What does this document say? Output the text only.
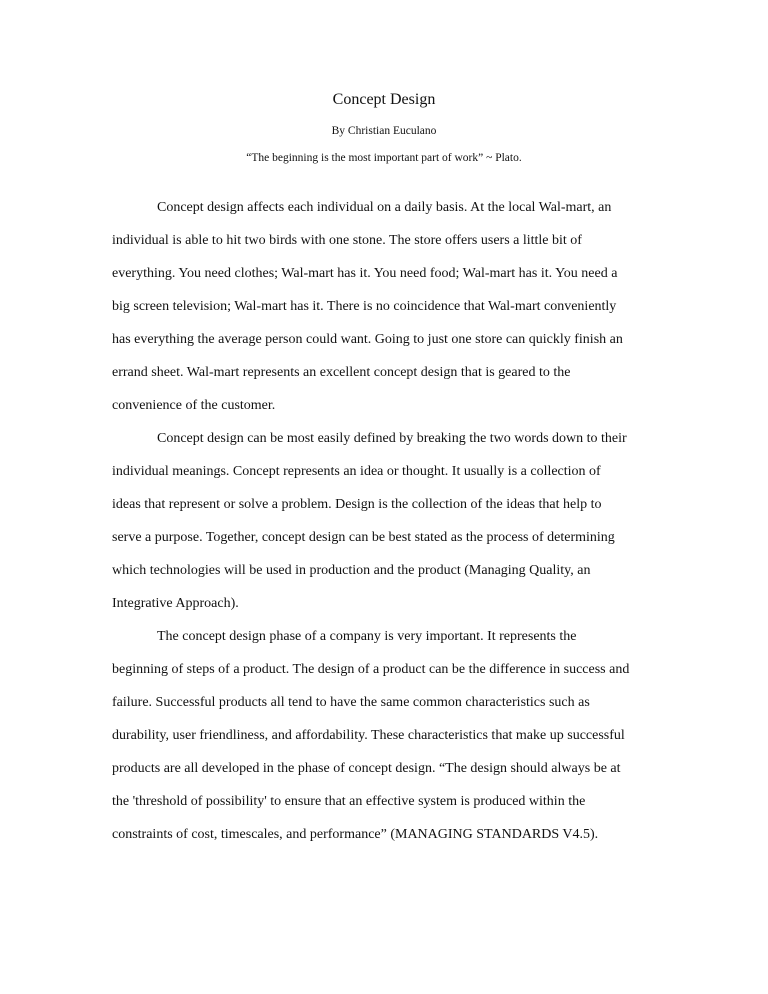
Concept Design
By Christian Euculano
“The beginning is the most important part of work” ~ Plato.
Concept design affects each individual on a daily basis. At the local Wal-mart, an
individual is able to hit two birds with one stone. The store offers users a little bit of
everything. You need clothes; Wal-mart has it. You need food; Wal-mart has it. You need a
big screen television; Wal-mart has it. There is no coincidence that Wal-mart conveniently
has everything the average person could want. Going to just one store can quickly finish an
errand sheet. Wal-mart represents an excellent concept design that is geared to the
convenience of the customer.
Concept design can be most easily defined by breaking the two words down to their
individual meanings. Concept represents an idea or thought. It usually is a collection of
ideas that represent or solve a problem. Design is the collection of the ideas that help to
serve a purpose. Together, concept design can be best stated as the process of determining
which technologies will be used in production and the product (Managing Quality, an
Integrative Approach).
The concept design phase of a company is very important. It represents the
beginning of steps of a product. The design of a product can be the difference in success and
failure. Successful products all tend to have the same common characteristics such as
durability, user friendliness, and affordability. These characteristics that make up successful
products are all developed in the phase of concept design. “The design should always be at
the 'threshold of possibility' to ensure that an effective system is produced within the
constraints of cost, timescales, and performance” (MANAGING STANDARDS V4.5).
